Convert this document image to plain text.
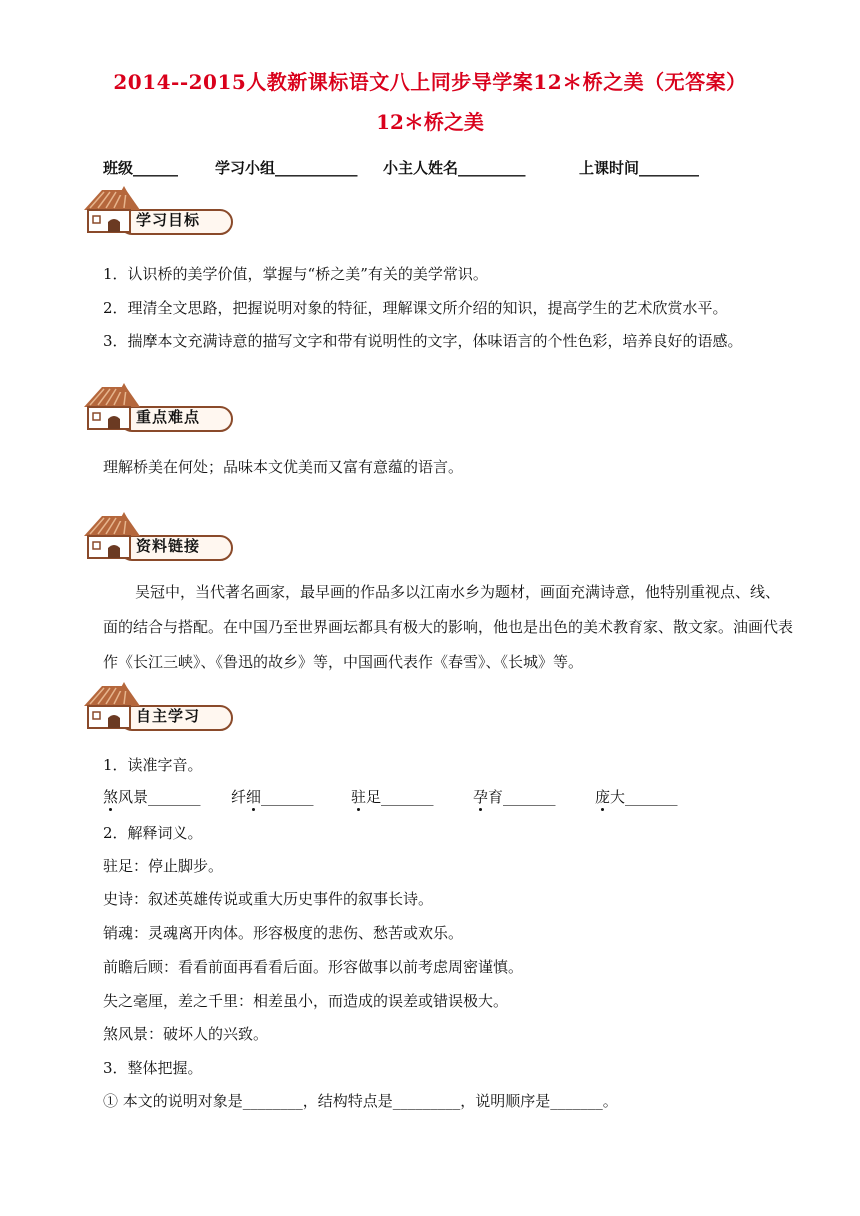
2014--2015人教新课标语文八上同步导学案12＊桥之美（无答案）
12＊桥之美
班级______ 学习小组___________ 小主人姓名_________	上课时间________
学习目标
1．认识桥的美学价值，掌握与“桥之美”有关的美学常识。
2．理清全文思路，把握说明对象的特征，理解课文所介绍的知识，提高学生的艺术欣赏水平。
3．揣摩本文充满诗意的描写文字和带有说明性的文字，体味语言的个性色彩，培养良好的语感。
重点难点
理解桥美在何处；品味本文优美而又富有意蕴的语言。
资料链接
吴冠中，当代著名画家，最早画的作品多以江南水乡为题材，画面充满诗意，他特别重视点、线、面的结合与搭配。在中国乃至世界画坛都具有极大的影响，他也是出色的美术教育家、散文家。油画代表作《长江三峡》、《鲁迅的故乡》等，中国画代表作《春雪》、《长城》等。
自主学习
1．读准字音。
煞风景_______ 纤细_______ 驻足_______	孕育_______	庞大_______
2．解释词义。
驻足：停止脚步。
史诗：叙述英雄传说或重大历史事件的叙事长诗。
销魂：灵魂离开肉体。形容极度的悲伤、愁苦或欢乐。
前瞻后顾：看看前面再看看后面。形容做事以前考虑周密谨慎。
失之毫厘，差之千里：相差虽小，而造成的误差或错误极大。
煞风景：破坏人的兴致。
3．整体把握。
① 本文的说明对象是________，结构特点是_________，说明顺序是_______。
